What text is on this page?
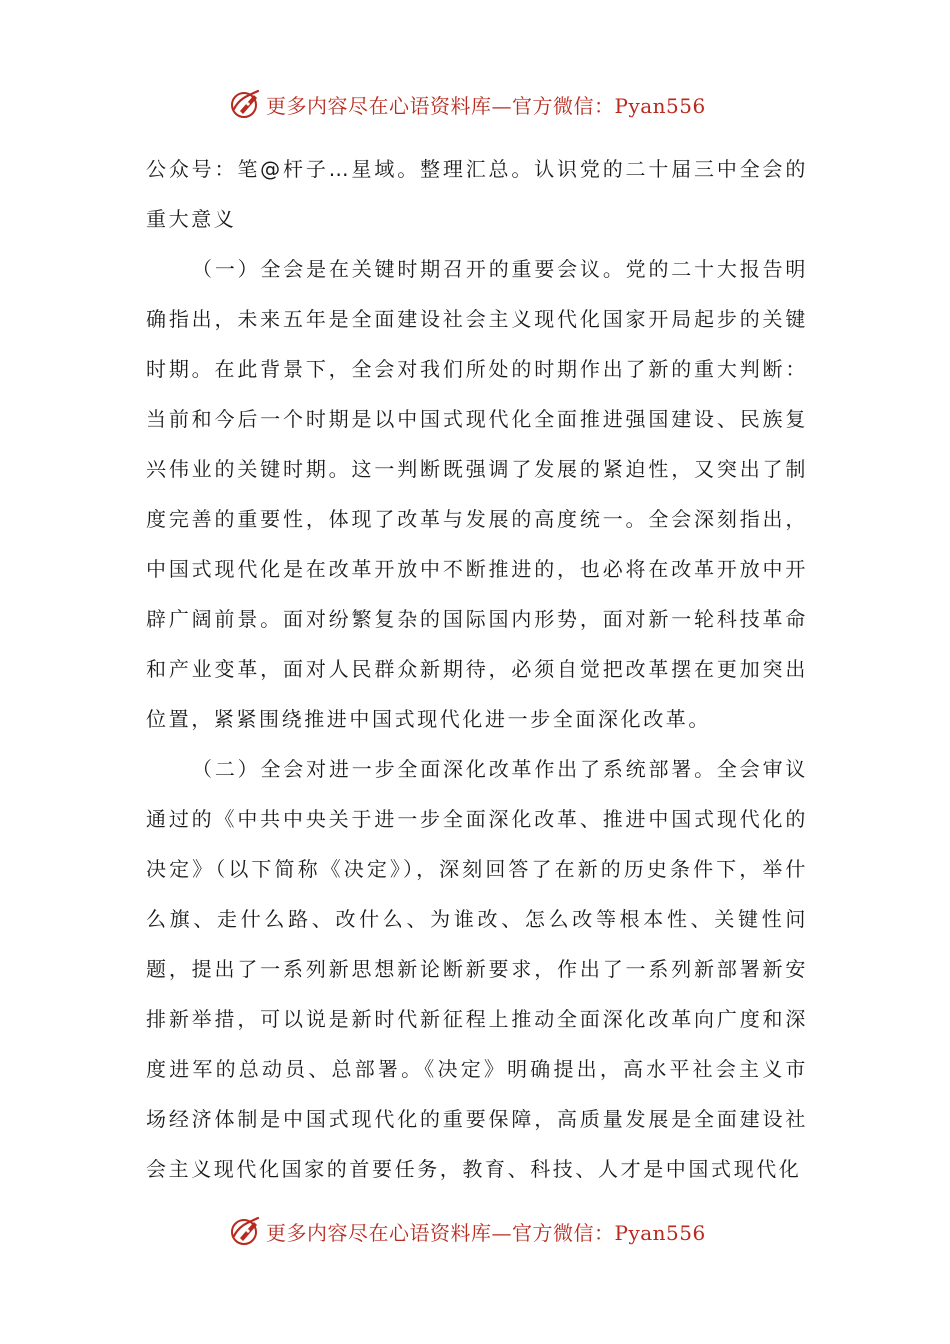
更多内容尽在心语资料库—官方微信：Pyan556

公众号：笔@杆子…星域。整理汇总。认识党的二十届三中全会的重大意义

（一）全会是在关键时期召开的重要会议。党的二十大报告明确指出，未来五年是全面建设社会主义现代化国家开局起步的关键时期。在此背景下，全会对我们所处的时期作出了新的重大判断：当前和今后一个时期是以中国式现代化全面推进强国建设、民族复兴伟业的关键时期。这一判断既强调了发展的紧迫性，又突出了制度完善的重要性，体现了改革与发展的高度统一。全会深刻指出，中国式现代化是在改革开放中不断推进的，也必将在改革开放中开辟广阔前景。面对纷繁复杂的国际国内形势，面对新一轮科技革命和产业变革，面对人民群众新期待，必须自觉把改革摆在更加突出位置，紧紧围绕推进中国式现代化进一步全面深化改革。

（二）全会对进一步全面深化改革作出了系统部署。全会审议通过的《中共中央关于进一步全面深化改革、推进中国式现代化的决定》（以下简称《决定》），深刻回答了在新的历史条件下，举什么旗、走什么路、改什么、为谁改、怎么改等根本性、关键性问题，提出了一系列新思想新论断新要求，作出了一系列新部署新安排新举措，可以说是新时代新征程上推动全面深化改革向广度和深度进军的总动员、总部署。《决定》明确提出，高水平社会主义市场经济体制是中国式现代化的重要保障，高质量发展是全面建设社会主义现代化国家的首要任务，教育、科技、人才是中国式现代化

更多内容尽在心语资料库—官方微信：Pyan556
